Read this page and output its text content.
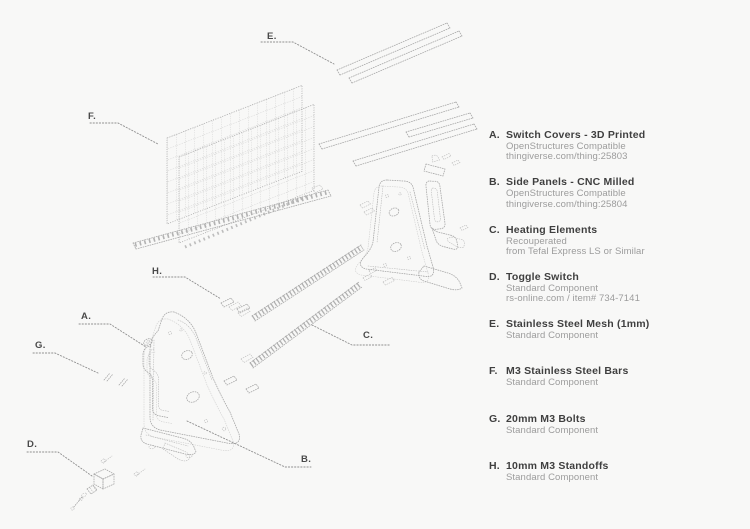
E.
F.
H.
A.
G.
C.
B.
D.
A. Switch Covers - 3D Printed
OpenStructures Compatible
thingiverse.com/thing:25803
B. Side Panels - CNC Milled
OpenStructures Compatible
thingiverse.com/thing:25804
C. Heating Elements
Recouperated
from Tefal Express LS or Similar
D. Toggle Switch
Standard Component
rs-online.com / item# 734-7141
E. Stainless Steel Mesh (1mm)
Standard Component
F. M3 Stainless Steel Bars
Standard Component
G. 20mm M3 Bolts
Standard Component
H. 10mm M3 Standoffs
Standard Component
